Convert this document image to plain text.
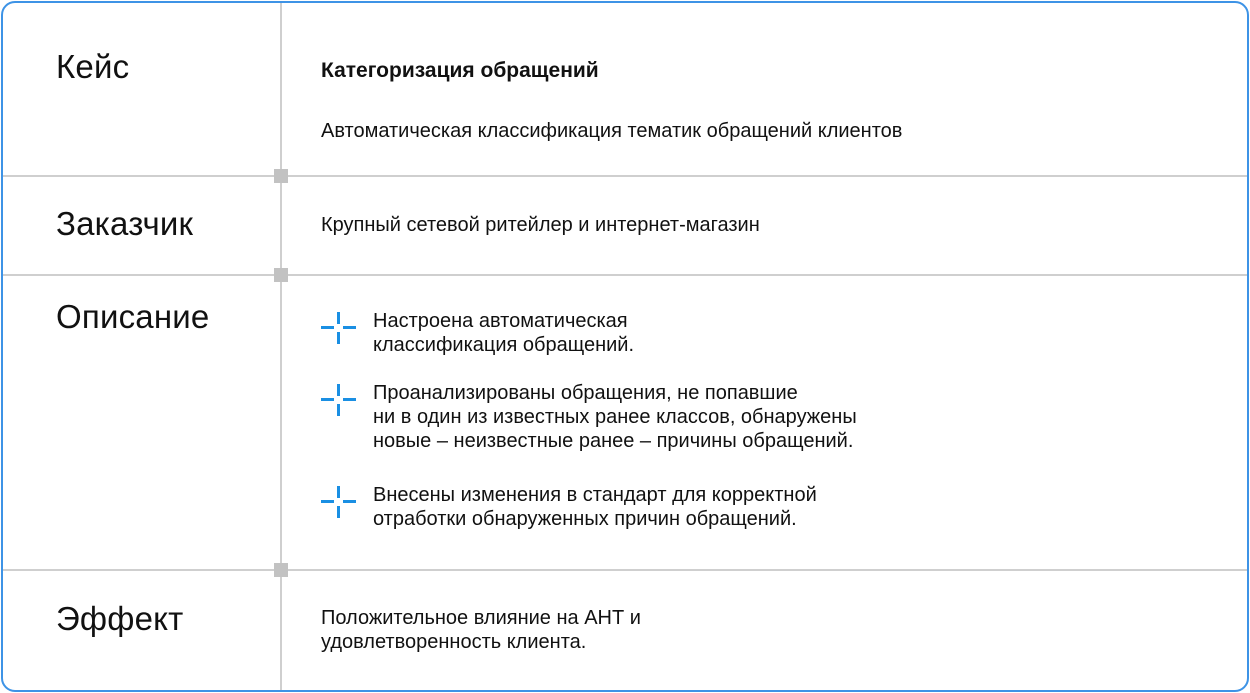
Кейс	Категоризация обращений
Автоматическая классификация тематик обращений клиентов
Заказчик	Крупный сетевой ритейлер и интернет-магазин
Описание	Настроена автоматическая
классификация обращений.
Проанализированы обращения, не попавшие
ни в один из известных ранее классов, обнаружены
новые – неизвестные ранее – причины обращений.
Внесены изменения в стандарт для корректной
отработки обнаруженных причин обращений.
Эффект	Положительное влияние на АНТ и
удовлетворенность клиента.
